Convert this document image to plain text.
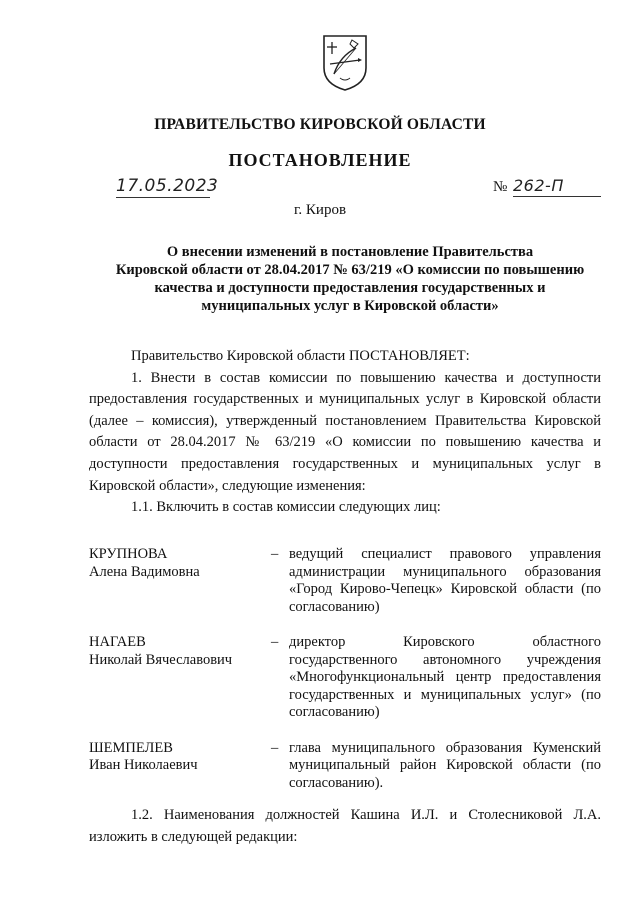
ПРАВИТЕЛЬСТВО КИРОВСКОЙ ОБЛАСТИ
ПОСТАНОВЛЕНИЕ
17.05.2023	№ 262-П
г. Киров
О внесении изменений в постановление Правительства
Кировской области от 28.04.2017 № 63/219 «О комиссии по повышению
качества и доступности предоставления государственных и
муниципальных услуг в Кировской области»

Правительство Кировской области ПОСТАНОВЛЯЕТ:

1. Внести в состав комиссии по повышению качества и доступности предоставления государственных и муниципальных услуг в Кировской области (далее – комиссия), утвержденный постановлением Правительства Кировской области от 28.04.2017 № 63/219 «О комиссии по повышению качества и доступности предоставления государственных и муниципальных услуг в Кировской области», следующие изменения:

1.1. Включить в состав комиссии следующих лиц:

КРУПНОВА
Алена Вадимовна
– ведущий специалист правового управления администрации муниципального образования «Город Кирово-Чепецк» Кировской области (по согласованию)
НАГАЕВ
Николай Вячеславович
– директор Кировского областного государственного автономного учреждения «Многофункциональный центр предоставления государственных и муниципальных услуг» (по согласованию)
ШЕМПЕЛЕВ
Иван Николаевич
– глава муниципального образования Куменский муниципальный район Кировской области (по согласованию).

1.2. Наименования должностей Кашина И.Л. и Столесниковой Л.А. изложить в следующей редакции:
